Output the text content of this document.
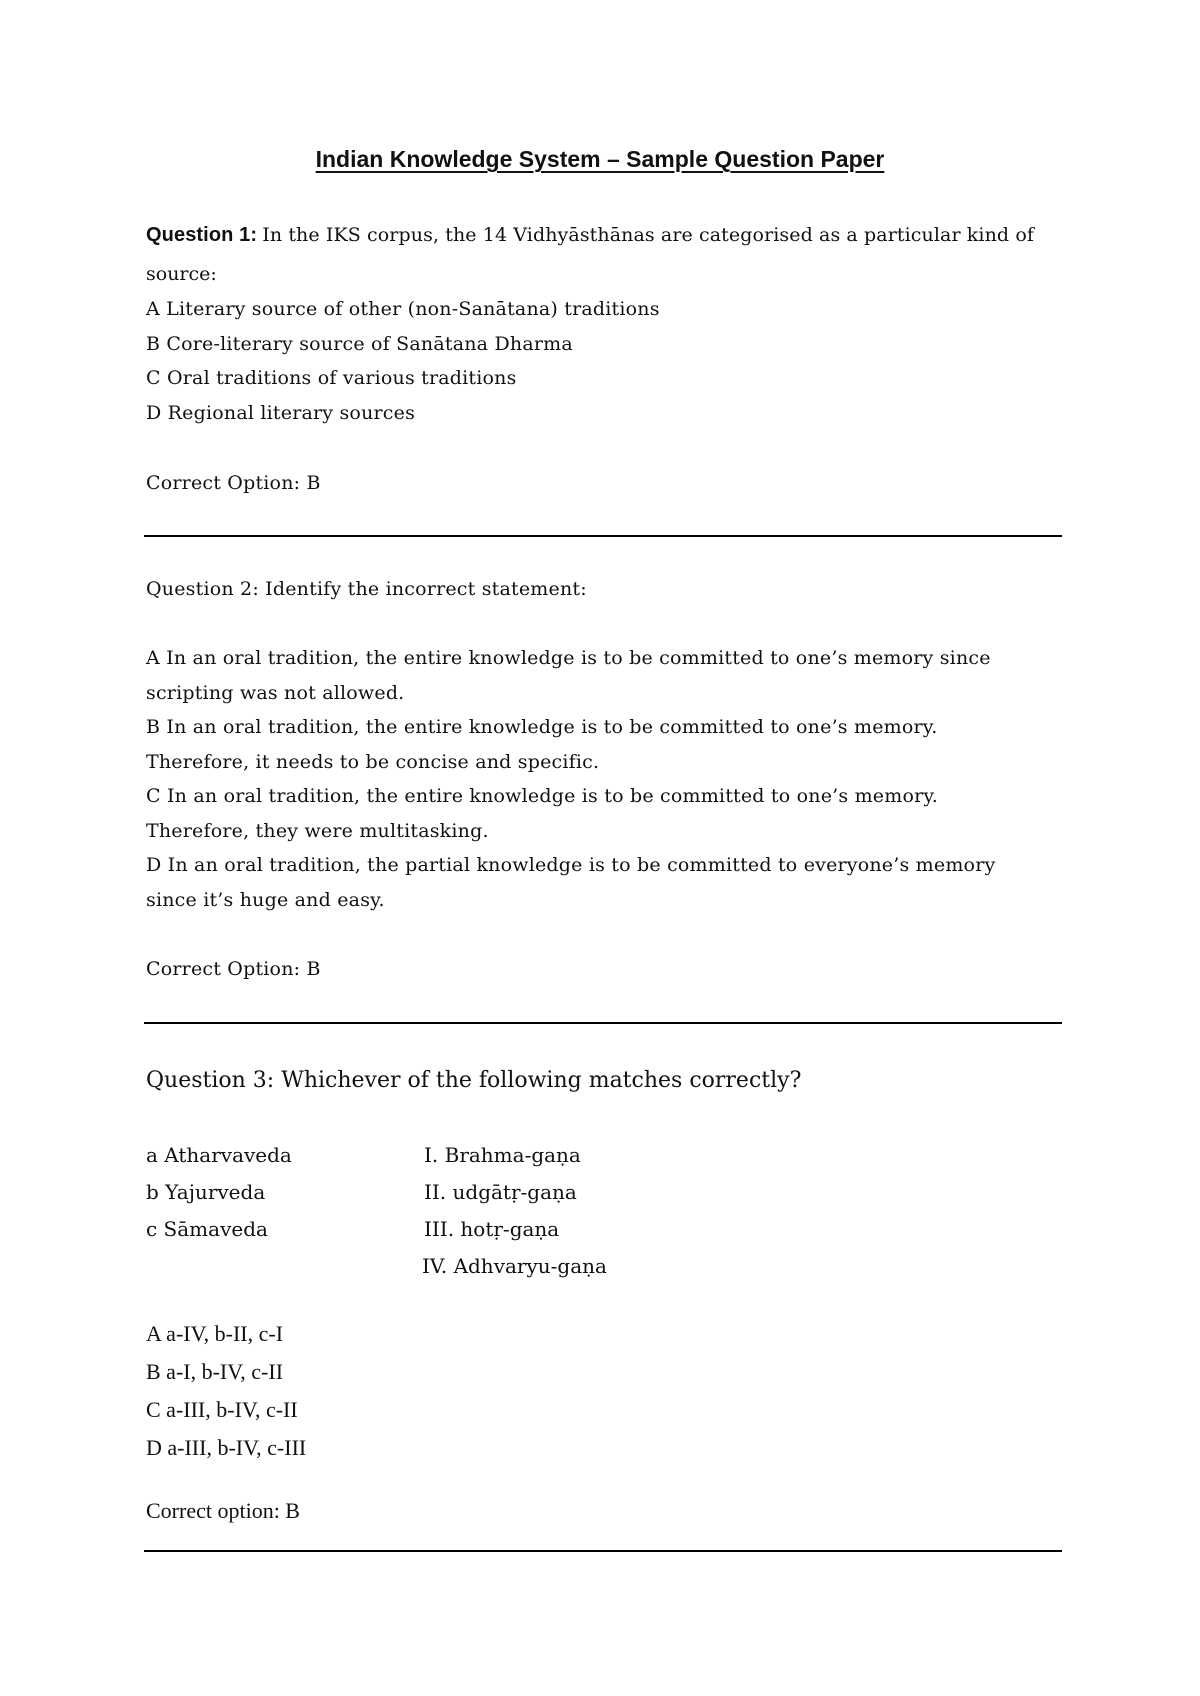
Indian Knowledge System – Sample Question Paper
Question 1: In the IKS corpus, the 14 Vidhyāsthānas are categorised as a particular kind of
source:
A Literary source of other (non-Sanātana) traditions
B Core-literary source of Sanātana Dharma
C Oral traditions of various traditions
D Regional literary sources
Correct Option: B
Question 2: Identify the incorrect statement:
A In an oral tradition, the entire knowledge is to be committed to one’s memory since
scripting was not allowed.
B In an oral tradition, the entire knowledge is to be committed to one’s memory.
Therefore, it needs to be concise and specific.
C In an oral tradition, the entire knowledge is to be committed to one’s memory.
Therefore, they were multitasking.
D In an oral tradition, the partial knowledge is to be committed to everyone’s memory
since it’s huge and easy.
Correct Option: B
Question 3: Whichever of the following matches correctly?
a Atharvaveda
b Yajurveda
c Sāmaveda
I. Brahma-gaṇa
II. udgātṛ-gaṇa
III. hotṛ-gaṇa
IV. Adhvaryu-gaṇa
A a-IV, b-II, c-I
B a-I, b-IV, c-II
C a-III, b-IV, c-II
D a-III, b-IV, c-III
Correct option: B
